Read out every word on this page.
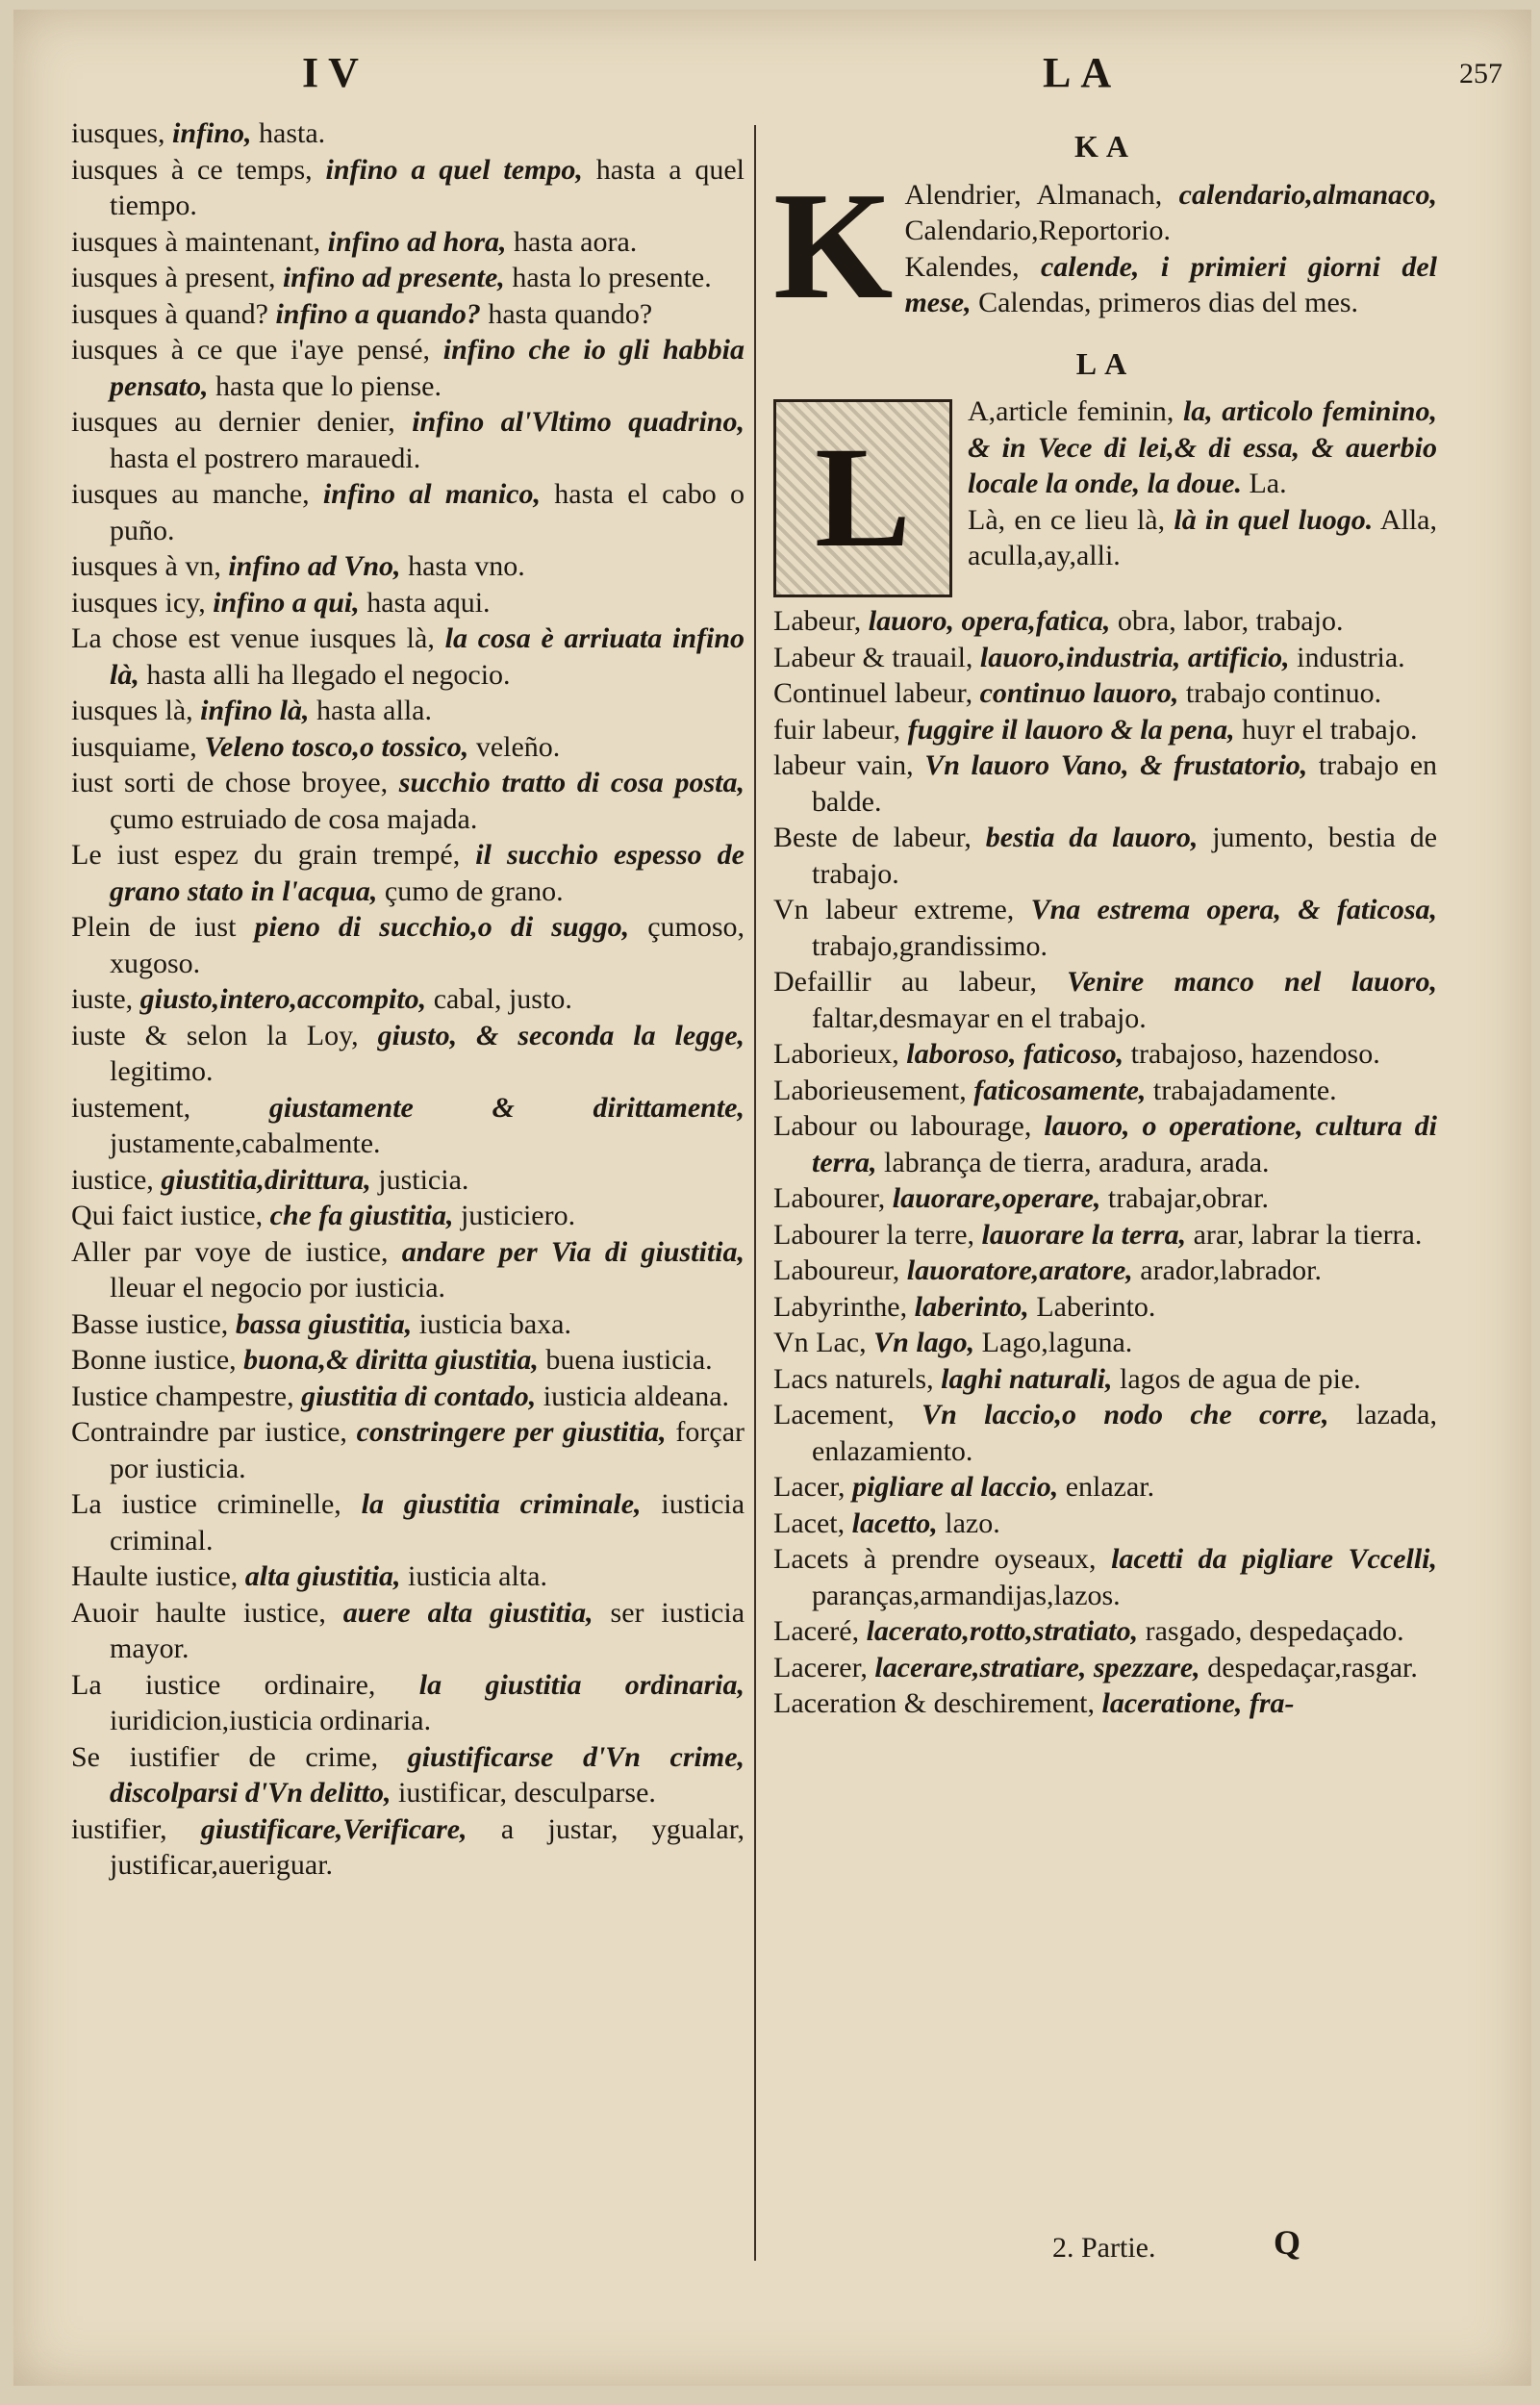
IV	LA	257
iusques, infino, hasta.
iusques à ce temps, infino a quel tempo, hasta a quel tiempo.
iusques à maintenant, infino ad hora, hasta aora.
iusques à present, infino ad presente, hasta lo presente.
iusques à quand? infino a quando? hasta quando?
iusques à ce que i'aye pensé, infino che io gli habbia pensato, hasta que lo piense.
iusques au dernier denier, infino al'Vltimo quadrino, hasta el postrero marauedi.
iusques au manche, infino al manico, hasta el cabo o puño.
iusques à vn, infino ad Vno, hasta vno.
iusques icy, infino a qui, hasta aqui.
La chose est venue iusques là, la cosa è arriuata infino là, hasta alli ha llegado el negocio.
iusques là, infino là, hasta alla.
iusquiame, Veleno tosco,o tossico, veleño.
iust sorti de chose broyee, succhio tratto di cosa posta, çumo estruiado de cosa majada.
Le iust espez du grain trempé, il succhio espesso de grano stato in l'acqua, çumo de grano.
Plein de iust pieno di succhio,o di suggo, çumoso, xugoso.
iuste, giusto,intero,accompito, cabal, justo.
iuste & selon la Loy, giusto, & seconda la legge, legitimo.
iustement,	giustamente & dirittamente, justamente,cabalmente.
iustice, giustitia,dirittura, justicia.
Qui faict iustice, che fa giustitia, justiciero.
Aller par voye de iustice, andare per Via di giustitia, lleuar el negocio por iusticia.
Basse iustice, bassa giustitia, iusticia baxa.
Bonne iustice, buona,& diritta giustitia, buena iusticia.
Iustice champestre, giustitia di contado, iusticia aldeana.
Contraindre par iustice, constringere per giustitia, forçar por iusticia.
La iustice criminelle, la giustitia criminale, iusticia criminal.
Haulte iustice, alta giustitia, iusticia alta.
Auoir haulte iustice, auere alta giustitia, ser iusticia mayor.
La iustice ordinaire, la giustitia ordinaria, iuridicion,iusticia ordinaria.
Se iustifier de crime, giustificarse d'Vn crime, discolparsi d'Vn delitto, iustificar, desculparse.
iustifier, giustificare,Verificare, a justar, ygualar, justificar,aueriguar.
KA
K Alendrier, Almanach, calendario,almanaco, Calendario,Reportorio.
Kalendes, calende, i primieri giorni del mese, Calendas, primeros dias del mes.
LA
L
A,article feminin, la, articolo feminino, & in Vece di lei,& di essa, & auerbio locale la onde, la doue. La.
Là, en ce lieu là, là in quel luogo. Alla, aculla,ay,alli.
Labeur, lauoro, opera,fatica, obra, labor, trabajo.
Labeur & trauail, lauoro,industria, artificio, industria.
Continuel labeur, continuo lauoro, trabajo continuo.
fuir labeur, fuggire il lauoro & la pena, huyr el trabajo.
labeur vain, Vn lauoro Vano, & frustatorio, trabajo en balde.
Beste de labeur, bestia da lauoro, jumento, bestia de trabajo.
Vn labeur extreme, Vna estrema opera, & faticosa, trabajo,grandissimo.
Defaillir au labeur, Venire manco nel lauoro, faltar,desmayar en el trabajo.
Laborieux, laboroso, faticoso, trabajoso, hazendoso.
Laborieusement, faticosamente, trabajadamente.
Labour ou labourage, lauoro, o operatione, cultura di terra, labrança de tierra, aradura, arada.
Labourer, lauorare,operare, trabajar,obrar.
Labourer la terre, lauorare la terra, arar, labrar la tierra.
Laboureur, lauoratore,aratore, arador,labrador.
Labyrinthe, laberinto, Laberinto.
Vn Lac, Vn lago, Lago,laguna.
Lacs naturels, laghi naturali, lagos de agua de pie.
Lacement, Vn laccio,o nodo che corre, lazada, enlazamiento.
Lacer, pigliare al laccio, enlazar.
Lacet, lacetto, lazo.
Lacets à prendre oyseaux, lacetti da pigliare Vccelli, paranças,armandijas,lazos.
Laceré, lacerato,rotto,stratiato, rasgado, despedaçado.
Lacerer, lacerare,stratiare, spezzare, despedaçar,rasgar.
Laceration & deschirement, laceratione, fra-
2. Partie.	Q
